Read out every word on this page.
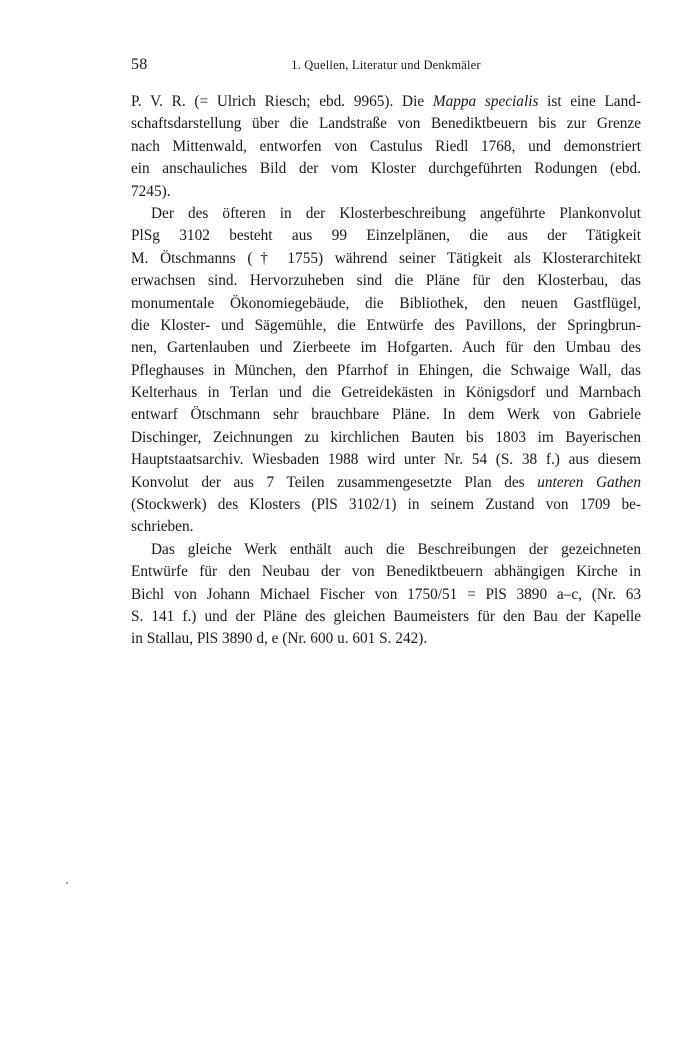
58	1. Quellen, Literatur und Denkmäler
P. V. R. (= Ulrich Riesch; ebd. 9965). Die Mappa specialis ist eine Land-
schaftsdarstellung über die Landstraße von Benediktbeuern bis zur Grenze
nach Mittenwald, entworfen von Castulus Riedl 1768, und demonstriert
ein anschauliches Bild der vom Kloster durchgeführten Rodungen (ebd.
7245).
Der des öfteren in der Klosterbeschreibung angeführte Plankonvolut
PlSg 3102 besteht aus 99 Einzelplänen, die aus der Tätigkeit
M. Ötschmanns († 1755) während seiner Tätigkeit als Klosterarchitekt
erwachsen sind. Hervorzuheben sind die Pläne für den Klosterbau, das
monumentale Ökonomiegebäude, die Bibliothek, den neuen Gastflügel,
die Kloster- und Sägemühle, die Entwürfe des Pavillons, der Springbrun-
nen, Gartenlauben und Zierbeete im Hofgarten. Auch für den Umbau des
Pfleghauses in München, den Pfarrhof in Ehingen, die Schwaige Wall, das
Kelterhaus in Terlan und die Getreidekästen in Königsdorf und Marnbach
entwarf Ötschmann sehr brauchbare Pläne. In dem Werk von Gabriele
Dischinger, Zeichnungen zu kirchlichen Bauten bis 1803 im Bayerischen
Hauptstaatsarchiv. Wiesbaden 1988 wird unter Nr. 54 (S. 38 f.) aus diesem
Konvolut der aus 7 Teilen zusammengesetzte Plan des unteren Gathen
(Stockwerk) des Klosters (PlS 3102/1) in seinem Zustand von 1709 be-
schrieben.
Das gleiche Werk enthält auch die Beschreibungen der gezeichneten
Entwürfe für den Neubau der von Benediktbeuern abhängigen Kirche in
Bichl von Johann Michael Fischer von 1750/51 = PlS 3890 a–c, (Nr. 63
S. 141 f.) und der Pläne des gleichen Baumeisters für den Bau der Kapelle
in Stallau, PlS 3890 d, e (Nr. 600 u. 601 S. 242).
